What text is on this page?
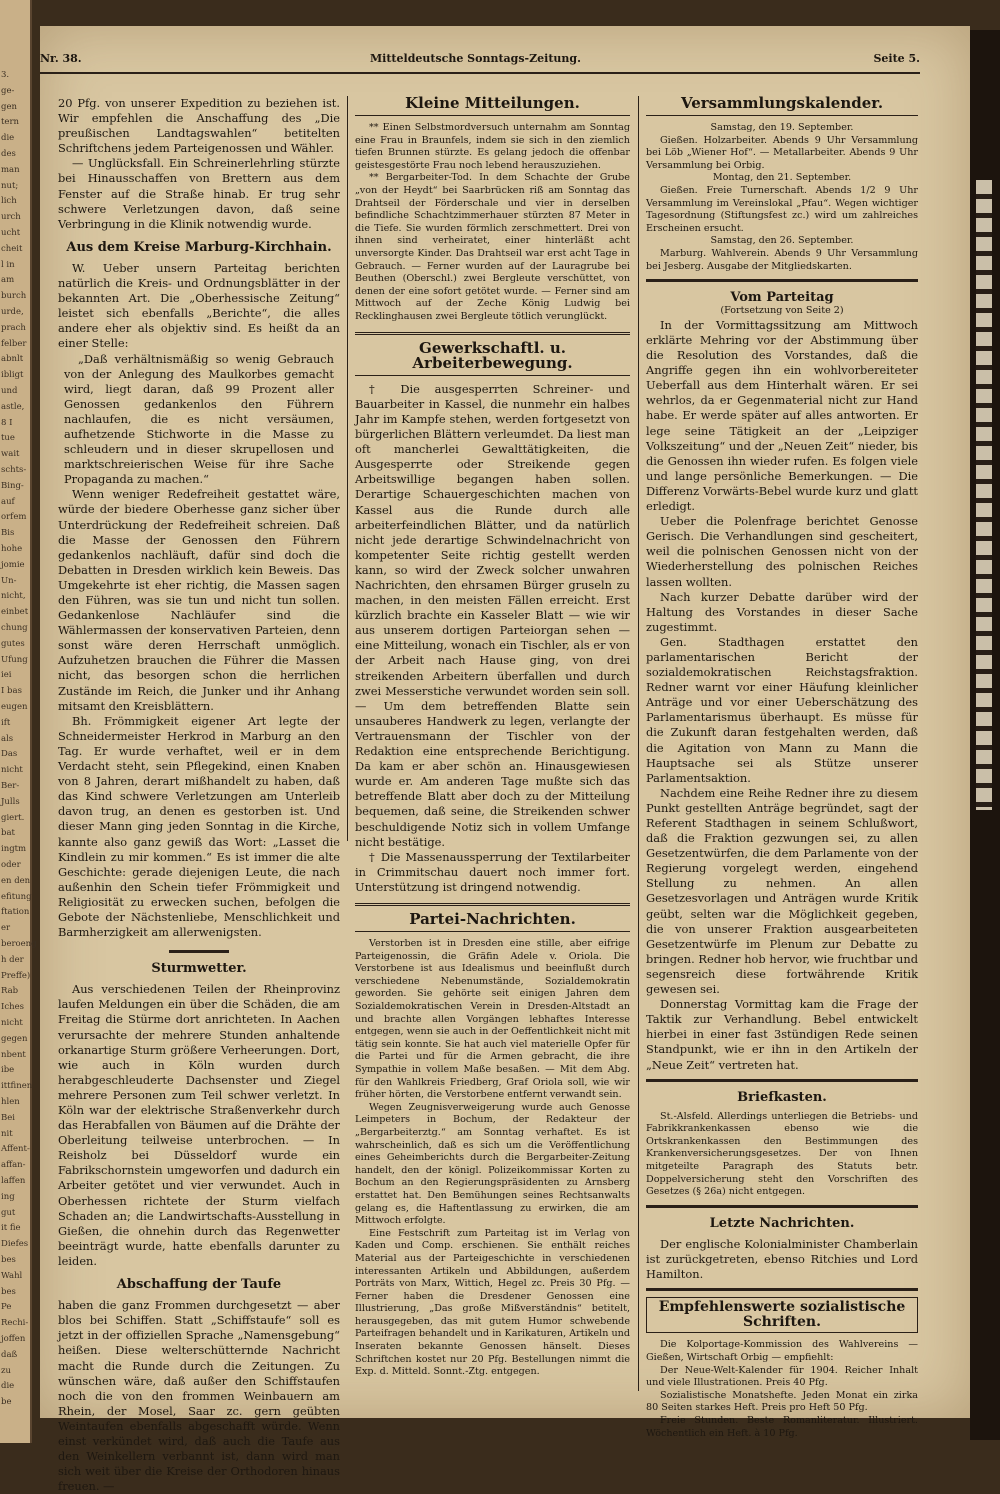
3.
ge-
gen
tern
die
des
man
nut;
lich
urch
ucht
cheit
l in
am
burch
urde,
prach
felber
abnlt
ibligt
und
astle,
8 I
tue
wait
schts-
Bing-
auf
orfem
Bis
hohe
jomie
Un-
nicht,
einbet
chung
gutes
Ufung
iei
I bas
eugen
ift
als
Das
nicht
Ber-
Julls
giert.
bat
ingtm
oder
en den
efitung
ftation
er
beroeng
h der
Preffe)
Rab
Iches
nicht
gegen
nbent
ibe
ittfinen
hlen
Bei
nit
Affent-
affan-
laffen
ing
gut
it fie
Diefes
bes
Wahl
bes
Pe
Rechi-
joffen
daß
zu
die
be
Nr. 38.	Mitteldeutsche Sonntags-Zeitung.	Seite 5.

20 Pfg. von unserer Expedition zu beziehen ist. Wir empfehlen die Anschaffung des „Die preußischen Landtagswahlen“ betitelten Schriftchens jedem Parteigenossen und Wähler.

— Unglücksfall. Ein Schreinerlehrling stürzte bei Hinausschaffen von Brettern aus dem Fenster auf die Straße hinab. Er trug sehr schwere Verletzungen davon, daß seine Verbringung in die Klinik notwendig wurde.

Aus dem Kreise Marburg-Kirchhain.

W. Ueber unsern Parteitag berichten natürlich die Kreis- und Ordnungsblätter in der bekannten Art. Die „Oberhessische Zeitung“ leistet sich ebenfalls „Berichte“, die alles andere eher als objektiv sind. Es heißt da an einer Stelle:

„Daß verhältnismäßig so wenig Gebrauch von der Anlegung des Maulkorbes gemacht wird, liegt daran, daß 99 Prozent aller Genossen gedankenlos den Führern nachlaufen, die es nicht versäumen, aufhetzende Stichworte in die Masse zu schleudern und in dieser skrupellosen und marktschreierischen Weise für ihre Sache Propaganda zu machen.“

Wenn weniger Redefreiheit gestattet wäre, würde der biedere Oberhesse ganz sicher über Unterdrückung der Redefreiheit schreien. Daß die Masse der Genossen den Führern gedankenlos nachläuft, dafür sind doch die Debatten in Dresden wirklich kein Beweis. Das Umgekehrte ist eher richtig, die Massen sagen den Führen, was sie tun und nicht tun sollen. Gedankenlose Nachläufer sind die Wählermassen der konservativen Parteien, denn sonst wäre deren Herrschaft unmöglich. Aufzuhetzen brauchen die Führer die Massen nicht, das besorgen schon die herrlichen Zustände im Reich, die Junker und ihr Anhang mitsamt den Kreisblättern.

Bh. Frömmigkeit eigener Art legte der Schneidermeister Herkrod in Marburg an den Tag. Er wurde verhaftet, weil er in dem Verdacht steht, sein Pflegekind, einen Knaben von 8 Jahren, derart mißhandelt zu haben, daß das Kind schwere Verletzungen am Unterleib davon trug, an denen es gestorben ist. Und dieser Mann ging jeden Sonntag in die Kirche, kannte also ganz gewiß das Wort: „Lasset die Kindlein zu mir kommen.“ Es ist immer die alte Geschichte: gerade diejenigen Leute, die nach außenhin den Schein tiefer Frömmigkeit und Religiosität zu erwecken suchen, befolgen die Gebote der Nächstenliebe, Menschlichkeit und Barmherzigkeit am allerwenigsten.

Sturmwetter.

Aus verschiedenen Teilen der Rheinprovinz laufen Meldungen ein über die Schäden, die am Freitag die Stürme dort anrichteten. In Aachen verursachte der mehrere Stunden anhaltende orkanartige Sturm größere Verheerungen. Dort, wie auch in Köln wurden durch herabgeschleuderte Dachsenster und Ziegel mehrere Personen zum Teil schwer verletzt. In Köln war der elektrische Straßenverkehr durch das Herabfallen von Bäumen auf die Drähte der Oberleitung teilweise unterbrochen. — In Reisholz bei Düsseldorf wurde ein Fabrikschornstein umgeworfen und dadurch ein Arbeiter getötet und vier verwundet. Auch in Oberhessen richtete der Sturm vielfach Schaden an; die Landwirtschafts-Ausstellung in Gießen, die ohnehin durch das Regenwetter beeinträgt wurde, hatte ebenfalls darunter zu leiden.

Abschaffung der Taufe

haben die ganz Frommen durchgesetzt — aber blos bei Schiffen. Statt „Schiffstaufe“ soll es jetzt in der offiziellen Sprache „Namensgebung“ heißen. Diese welterschütternde Nachricht macht die Runde durch die Zeitungen. Zu wünschen wäre, daß außer den Schiffstaufen noch die von den frommen Weinbauern am Rhein, der Mosel, Saar zc. gern geübten Weintaufen ebenfalls abgeschafft würde. Wenn einst verkündet wird, daß auch die Taufe aus den Weinkellern verbannt ist, dann wird man sich weit über die Kreise der Orthodoren hinaus freuen. —

Kleine Mitteilungen.

** Einen Selbstmordversuch unternahm am Sonntag eine Frau in Braunfels, indem sie sich in den ziemlich tiefen Brunnen stürzte. Es gelang jedoch die offenbar geistesgestörte Frau noch lebend herauszuziehen.

** Bergarbeiter-Tod. In dem Schachte der Grube „von der Heydt“ bei Saarbrücken riß am Sonntag das Drahtseil der Förderschale und vier in derselben befindliche Schachtzimmerhauer stürzten 87 Meter in die Tiefe. Sie wurden förmlich zerschmettert. Drei von ihnen sind verheiratet, einer hinterläßt acht unversorgte Kinder. Das Drahtseil war erst acht Tage in Gebrauch. — Ferner wurden auf der Lauragrube bei Beuthen (Oberschl.) zwei Bergleute verschüttet, von denen der eine sofort getötet wurde. — Ferner sind am Mittwoch auf der Zeche König Ludwig bei Recklinghausen zwei Bergleute tötlich verunglückt.

Gewerkschaftl. u. Arbeiterbewegung.

† Die ausgesperrten Schreiner- und Bauarbeiter in Kassel, die nunmehr ein halbes Jahr im Kampfe stehen, werden fortgesetzt von bürgerlichen Blättern verleumdet. Da liest man oft mancherlei Gewalttätigkeiten, die Ausgesperrte oder Streikende gegen Arbeitswillige begangen haben sollen. Derartige Schauergeschichten machen von Kassel aus die Runde durch alle arbeiterfeindlichen Blätter, und da natürlich nicht jede derartige Schwindelnachricht von kompetenter Seite richtig gestellt werden kann, so wird der Zweck solcher unwahren Nachrichten, den ehrsamen Bürger gruseln zu machen, in den meisten Fällen erreicht. Erst kürzlich brachte ein Kasseler Blatt — wie wir aus unserem dortigen Parteiorgan sehen — eine Mitteilung, wonach ein Tischler, als er von der Arbeit nach Hause ging, von drei streikenden Arbeitern überfallen und durch zwei Messerstiche verwundet worden sein soll. — Um dem betreffenden Blatte sein unsauberes Handwerk zu legen, verlangte der Vertrauensmann der Tischler von der Redaktion eine entsprechende Berichtigung. Da kam er aber schön an. Hinausgewiesen wurde er. Am anderen Tage mußte sich das betreffende Blatt aber doch zu der Mitteilung bequemen, daß seine, die Streikenden schwer beschuldigende Notiz sich in vollem Umfange nicht bestätige.

† Die Massenaussperrung der Textilarbeiter in Crimmitschau dauert noch immer fort. Unterstützung ist dringend notwendig.

Partei-Nachrichten.

Verstorben ist in Dresden eine stille, aber eifrige Parteigenossin, die Gräfin Adele v. Oriola. Die Verstorbene ist aus Idealismus und beeinflußt durch verschiedene Nebenumstände, Sozialdemokratin geworden. Sie gehörte seit einigen Jahren dem Sozialdemokratischen Verein in Dresden-Altstadt an und brachte allen Vorgängen lebhaftes Interesse entgegen, wenn sie auch in der Oeffentlichkeit nicht mit tätig sein konnte. Sie hat auch viel materielle Opfer für die Partei und für die Armen gebracht, die ihre Sympathie in vollem Maße besaßen. — Mit dem Abg. für den Wahlkreis Friedberg, Graf Oriola soll, wie wir früher hörten, die Verstorbene entfernt verwandt sein.

Wegen Zeugnisverweigerung wurde auch Genosse Leimpeters in Bochum, der Redakteur der „Bergarbeiterztg.“ am Sonntag verhaftet. Es ist wahrscheinlich, daß es sich um die Veröffentlichung eines Geheimberichts durch die Bergarbeiter-Zeitung handelt, den der königl. Polizeikommissar Korten zu Bochum an den Regierungspräsidenten zu Arnsberg erstattet hat. Den Bemühungen seines Rechtsanwalts gelang es, die Haftentlassung zu erwirken, die am Mittwoch erfolgte.

Eine Festschrift zum Parteitag ist im Verlag von Kaden und Comp. erschienen. Sie enthält reiches Material aus der Parteigeschichte in verschiedenen interessanten Artikeln und Abbildungen, außerdem Porträts von Marx, Wittich, Hegel zc. Preis 30 Pfg. — Ferner haben die Dresdener Genossen eine Illustrierung, „Das große Mißverständnis“ betitelt, herausgegeben, das mit gutem Humor schwebende Parteifragen behandelt und in Karikaturen, Artikeln und Inseraten bekannte Genossen hänselt. Dieses Schriftchen kostet nur 20 Pfg. Bestellungen nimmt die Exp. d. Mitteld. Sonnt.-Ztg. entgegen.

Versammlungskalender.
Samstag, den 19. September.

Gießen. Holzarbeiter. Abends 9 Uhr Versammlung bei Löb „Wiener Hof“. — Metallarbeiter. Abends 9 Uhr Versammlung bei Orbig.

Montag, den 21. September.

Gießen. Freie Turnerschaft. Abends 1/2 9 Uhr Versammlung im Vereinslokal „Pfau“. Wegen wichtiger Tagesordnung (Stiftungsfest zc.) wird um zahlreiches Erscheinen ersucht.

Samstag, den 26. September.

Marburg. Wahlverein. Abends 9 Uhr Versammlung bei Jesberg. Ausgabe der Mitgliedskarten.

Vom Parteitag
(Fortsetzung von Seite 2)

In der Vormittagssitzung am Mittwoch erklärte Mehring vor der Abstimmung über die Resolution des Vorstandes, daß die Angriffe gegen ihn ein wohlvorbereiteter Ueberfall aus dem Hinterhalt wären. Er sei wehrlos, da er Gegenmaterial nicht zur Hand habe. Er werde später auf alles antworten. Er lege seine Tätigkeit an der „Leipziger Volkszeitung“ und der „Neuen Zeit“ nieder, bis die Genossen ihn wieder rufen. Es folgen viele und lange persönliche Bemerkungen. — Die Differenz Vorwärts-Bebel wurde kurz und glatt erledigt.

Ueber die Polenfrage berichtet Genosse Gerisch. Die Verhandlungen sind gescheitert, weil die polnischen Genossen nicht von der Wiederherstellung des polnischen Reiches lassen wollten.

Nach kurzer Debatte darüber wird der Haltung des Vorstandes in dieser Sache zugestimmt.

Gen. Stadthagen erstattet den parlamentarischen Bericht der sozialdemokratischen Reichstagsfraktion. Redner warnt vor einer Häufung kleinlicher Anträge und vor einer Ueberschätzung des Parlamentarismus überhaupt. Es müsse für die Zukunft daran festgehalten werden, daß die Agitation von Mann zu Mann die Hauptsache sei als Stütze unserer Parlamentsaktion.

Nachdem eine Reihe Redner ihre zu diesem Punkt gestellten Anträge begründet, sagt der Referent Stadthagen in seinem Schlußwort, daß die Fraktion gezwungen sei, zu allen Gesetzentwürfen, die dem Parlamente von der Regierung vorgelegt werden, eingehend Stellung zu nehmen. An allen Gesetzesvorlagen und Anträgen wurde Kritik geübt, selten war die Möglichkeit gegeben, die von unserer Fraktion ausgearbeiteten Gesetzentwürfe im Plenum zur Debatte zu bringen. Redner hob hervor, wie fruchtbar und segensreich diese fortwährende Kritik gewesen sei.

Donnerstag Vormittag kam die Frage der Taktik zur Verhandlung. Bebel entwickelt hierbei in einer fast 3stündigen Rede seinen Standpunkt, wie er ihn in den Artikeln der „Neue Zeit“ vertreten hat.

Briefkasten.

St.-Alsfeld. Allerdings unterliegen die Betriebs- und Fabrikkrankenkassen ebenso wie die Ortskrankenkassen den Bestimmungen des Krankenversicherungsgesetzes. Der von Ihnen mitgeteilte Paragraph des Statuts betr. Doppelversicherung steht den Vorschriften des Gesetzes (§ 26a) nicht entgegen.

Letzte Nachrichten.

Der englische Kolonialminister Chamberlain ist zurückgetreten, ebenso Ritchies und Lord Hamilton.

Empfehlenswerte sozialistische Schriften.

Die Kolportage-Kommission des Wahlvereins — Gießen, Wirtschaft Orbig — empfiehlt:

Der Neue-Welt-Kalender für 1904. Reicher Inhalt und viele Illustrationen. Preis 40 Pfg.

Sozialistische Monatshefte. Jeden Monat ein zirka 80 Seiten starkes Heft. Preis pro Heft 50 Pfg.

Freie Stunden. Beste Romanliteratur. Illustriert. Wöchentlich ein Heft. à 10 Pfg.
